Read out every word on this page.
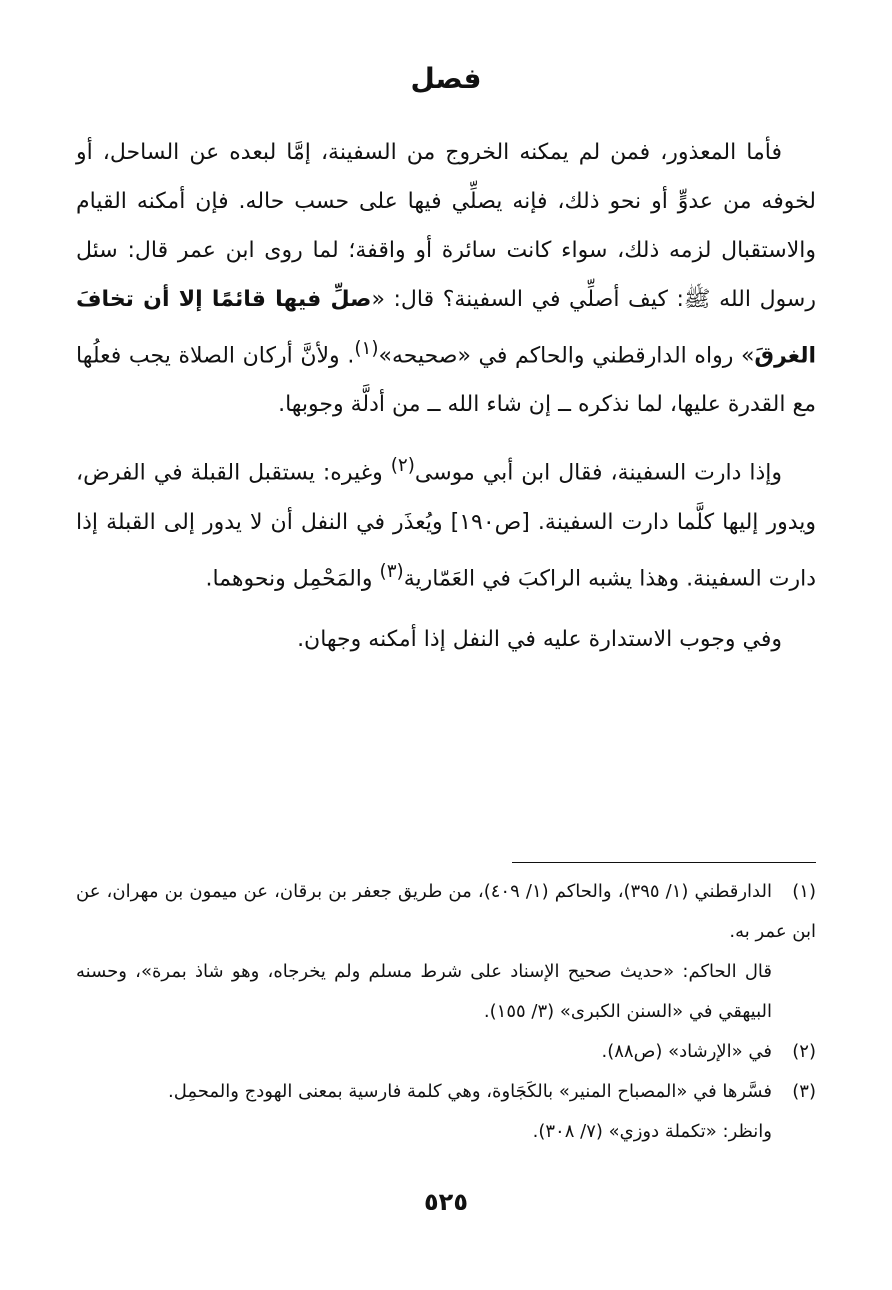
فصل

فأما المعذور، فمن لم يمكنه الخروج من السفينة، إمَّا لبعده عن الساحل، أو لخوفه من عدوٍّ أو نحو ذلك، فإنه يصلِّي فيها على حسب حاله. فإن أمكنه القيام والاستقبال لزمه ذلك، سواء كانت سائرة أو واقفة؛ لما روى ابن عمر قال: سئل رسول الله ﷺ: كيف أصلِّي في السفينة؟ قال: «صلِّ فيها قائمًا إلا أن تخافَ الغرقَ» رواه الدارقطني والحاكم في «صحيحه»$^{(١)}$. ولأنَّ أركان الصلاة يجب فعلُها مع القدرة عليها، لما نذكره ــ إن شاء الله ــ من أدلَّة وجوبها.

وإذا دارت السفينة، فقال ابن أبي موسى$^{(٢)}$ وغيره: يستقبل القبلة في الفرض، ويدور إليها كلَّما دارت السفينة. [ص١٩٠] ويُعذَر في النفل أن لا يدور إلى القبلة إذا دارت السفينة. وهذا يشبه الراكبَ في العَمّارية$^{(٣)}$ والمَحْمِل ونحوهما.

وفي وجوب الاستدارة عليه في النفل إذا أمكنه وجهان.

(١)الدارقطني (١/ ٣٩٥)، والحاكم (١/ ٤٠٩)، من طريق جعفر بن برقان، عن ميمون بن مهران، عن ابن عمر به.

قال الحاكم: «حديث صحيح الإسناد على شرط مسلم ولم يخرجاه، وهو شاذ بمرة»، وحسنه البيهقي في «السنن الكبرى» (٣/ ١٥٥).

(٢)في «الإرشاد» (ص٨٨).

(٣)فسَّرها في «المصباح المنير» بالكَجَاوة، وهي كلمة فارسية بمعنى الهودج والمحمِل.

وانظر: «تكملة دوزي» (٧/ ٣٠٨).

٥٢٥
